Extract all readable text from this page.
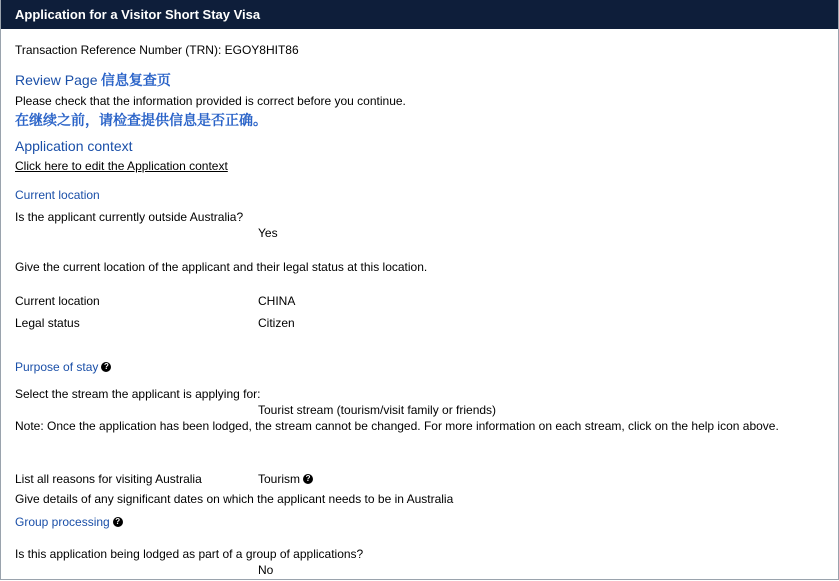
Application for a Visitor Short Stay Visa
Transaction Reference Number (TRN): EGOY8HIT86
Review Page 信息复查页
Please check that the information provided is correct before you continue.
在继续之前，请检查提供信息是否正确。
Application context
Click here to edit the Application context
Current location
Is the applicant currently outside Australia?
Yes
Give the current location of the applicant and their legal status at this location.
Current location	CHINA
Legal status	Citizen
Purpose of stay ?
Select the stream the applicant is applying for:
Tourist stream (tourism/visit family or friends)
Note: Once the application has been lodged, the stream cannot be changed. For more information on each stream, click on the help icon above.
List all reasons for visiting Australia	Tourism ?
Give details of any significant dates on which the applicant needs to be in Australia
Group processing ?
Is this application being lodged as part of a group of applications?
No
